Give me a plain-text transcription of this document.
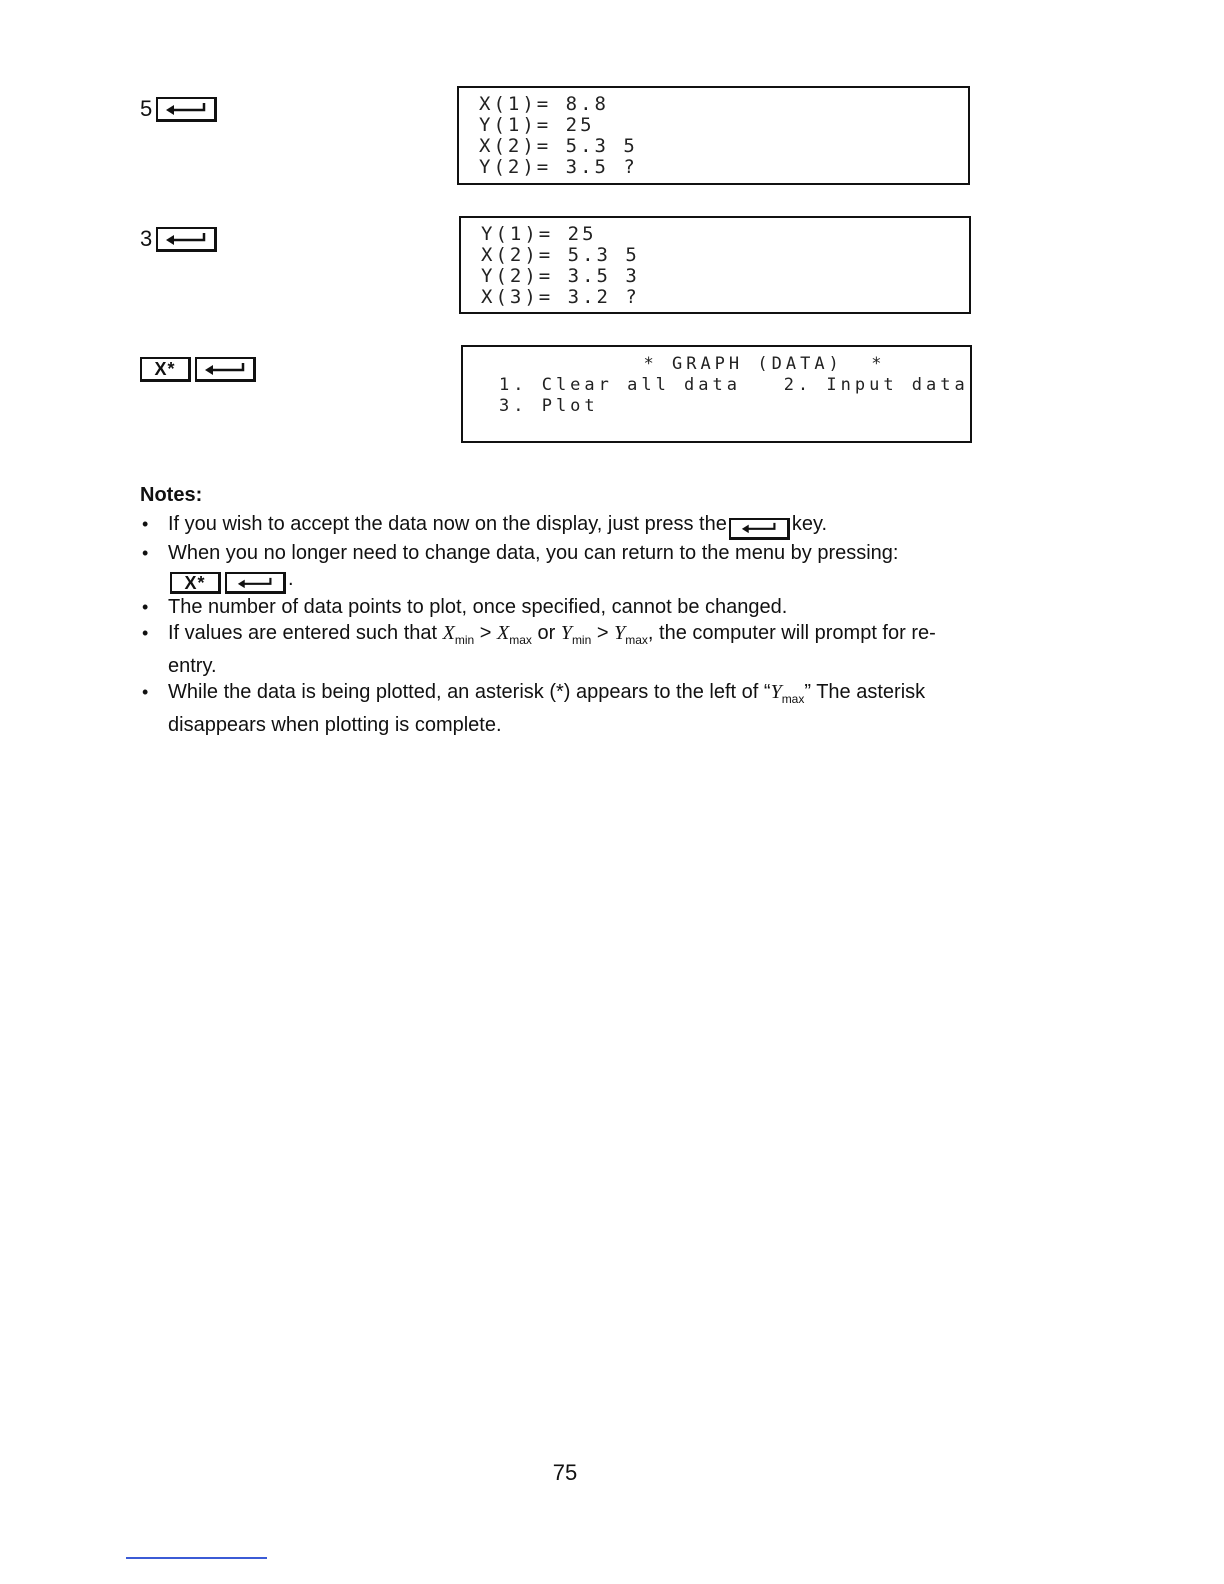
5	X(1)= 8.8
Y(1)= 25
X(2)= 5.3 5
Y(2)= 3.5 ?
3	Y(1)= 25
X(2)= 5.3 5
Y(2)= 3.5 3
X(3)= 3.2 ?
X*	* GRAPH (DATA)  *
1. Clear all data   2. Input data
3. Plot
Notes:
• If you wish to accept the data now on the display, just press the	key.
• When you no longer need to change data, you can return to the menu by pressing:

X*	.
• The number of data points to plot, once specified, cannot be changed.
• If values are entered such that $X_{min} > X_{max}$ or $Y_{min} > Y_{max}$, the computer will prompt for re-entry.
• While the data is being plotted, an asterisk (*) appears to the left of “$Y_{max}$” The asterisk disappears when plotting is complete.
75
